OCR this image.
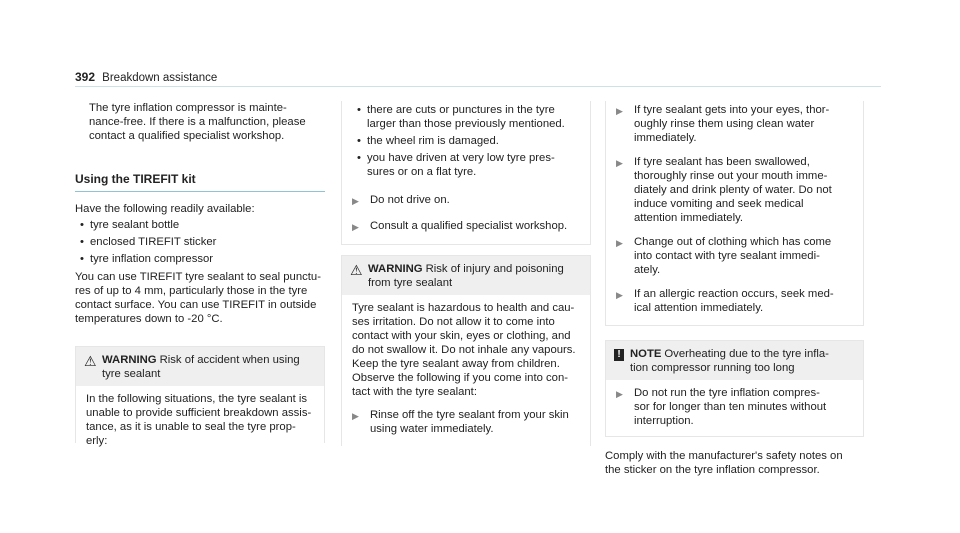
392 Breakdown assistance
The tyre inflation compressor is mainte-
nance-free. If there is a malfunction, please
contact a qualified specialist workshop.
Using the TIREFIT kit
Have the following readily available:
• tyre sealant bottle
• enclosed TIREFIT sticker
• tyre inflation compressor
You can use TIREFIT tyre sealant to seal punctu-
res of up to 4 mm, particularly those in the tyre
contact surface. You can use TIREFIT in outside
temperatures down to -20 °C.
⚠ WARNING Risk of accident when using
tyre sealant
In the following situations, the tyre sealant is
unable to provide sufficient breakdown assis-
tance, as it is unable to seal the tyre prop-
erly:
• there are cuts or punctures in the tyre
larger than those previously mentioned.
• the wheel rim is damaged.
• you have driven at very low tyre pres-
sures or on a flat tyre.
▶ Do not drive on.
▶ Consult a qualified specialist workshop.
⚠ WARNING Risk of injury and poisoning
from tyre sealant
Tyre sealant is hazardous to health and cau-
ses irritation. Do not allow it to come into
contact with your skin, eyes or clothing, and
do not swallow it. Do not inhale any vapours.
Keep the tyre sealant away from children.
Observe the following if you come into con-
tact with the tyre sealant:
▶ Rinse off the tyre sealant from your skin
using water immediately.
▶ If tyre sealant gets into your eyes, thor-
oughly rinse them using clean water
immediately.
▶ If tyre sealant has been swallowed,
thoroughly rinse out your mouth imme-
diately and drink plenty of water. Do not
induce vomiting and seek medical
attention immediately.
▶ Change out of clothing which has come
into contact with tyre sealant immedi-
ately.
▶ If an allergic reaction occurs, seek med-
ical attention immediately.
! NOTE Overheating due to the tyre infla-
tion compressor running too long
▶ Do not run the tyre inflation compres-
sor for longer than ten minutes without
interruption.
Comply with the manufacturer's safety notes on
the sticker on the tyre inflation compressor.
